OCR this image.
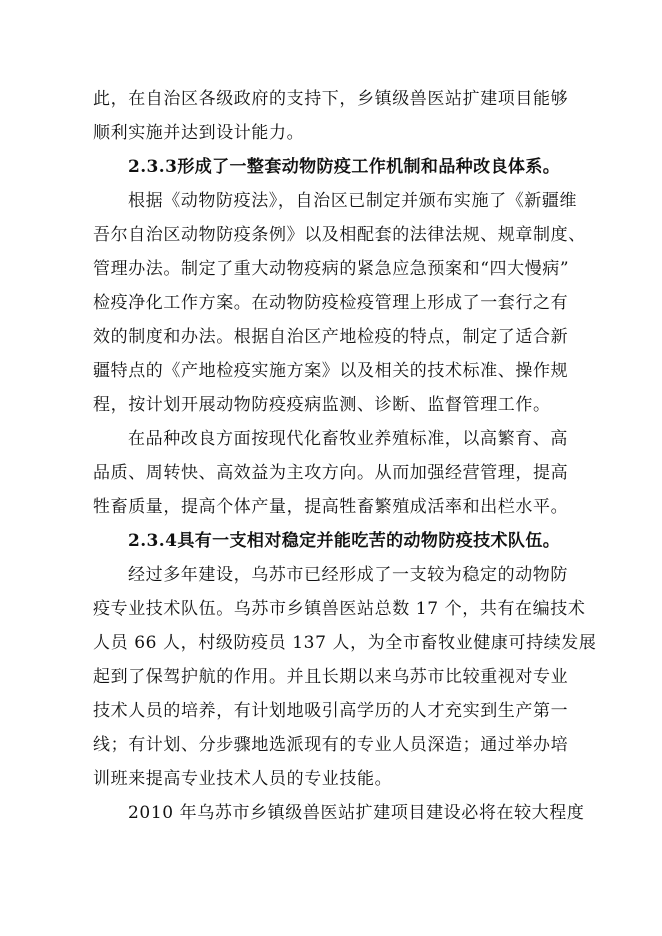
此，在自治区各级政府的支持下，乡镇级兽医站扩建项目能够
顺利实施并达到设计能力。
2.3.3形成了一整套动物防疫工作机制和品种改良体系。
根据《动物防疫法》，自治区已制定并颁布实施了《新疆维
吾尔自治区动物防疫条例》以及相配套的法律法规、规章制度、
管理办法。制定了重大动物疫病的紧急应急预案和“四大慢病”
检疫净化工作方案。在动物防疫检疫管理上形成了一套行之有
效的制度和办法。根据自治区产地检疫的特点，制定了适合新
疆特点的《产地检疫实施方案》以及相关的技术标准、操作规
程，按计划开展动物防疫疫病监测、诊断、监督管理工作。
在品种改良方面按现代化畜牧业养殖标准，以高繁育、高
品质、周转快、高效益为主攻方向。从而加强经营管理，提高
牲畜质量，提高个体产量，提高牲畜繁殖成活率和出栏水平。
2.3.4具有一支相对稳定并能吃苦的动物防疫技术队伍。
经过多年建设，乌苏市已经形成了一支较为稳定的动物防
疫专业技术队伍。乌苏市乡镇兽医站总数 17 个，共有在编技术
人员 66 人，村级防疫员 137 人，为全市畜牧业健康可持续发展
起到了保驾护航的作用。并且长期以来乌苏市比较重视对专业
技术人员的培养，有计划地吸引高学历的人才充实到生产第一
线；有计划、分步骤地选派现有的专业人员深造；通过举办培
训班来提高专业技术人员的专业技能。
2010 年乌苏市乡镇级兽医站扩建项目建设必将在较大程度
